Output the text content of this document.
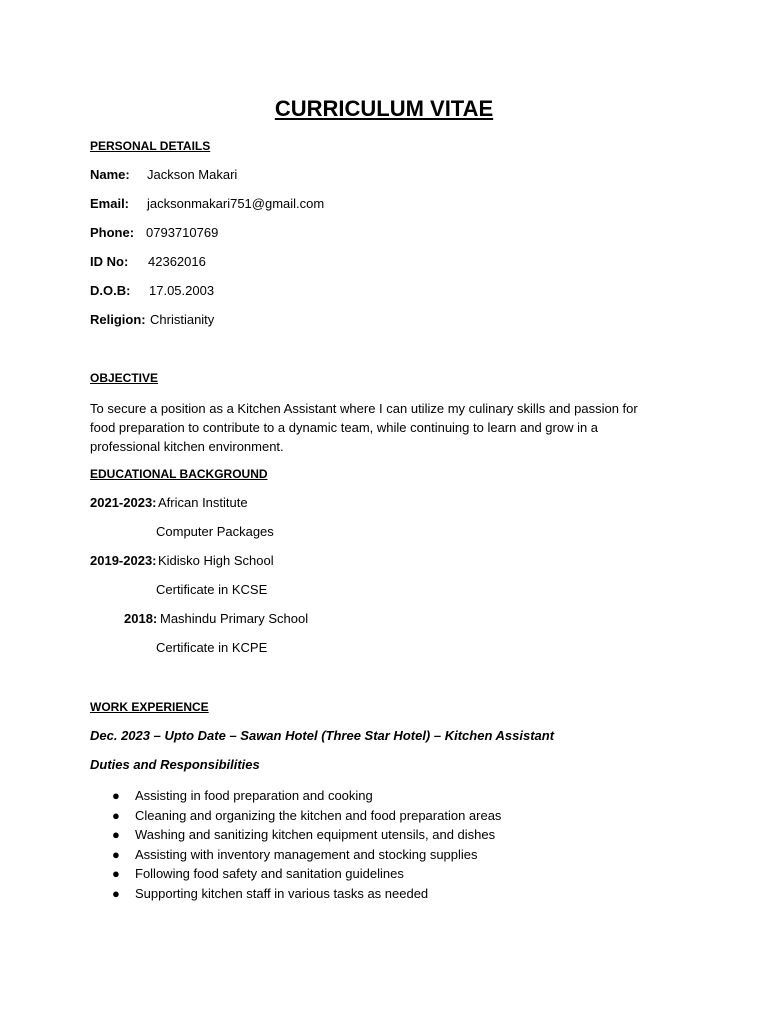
CURRICULUM VITAE
PERSONAL DETAILS
Name: Jackson Makari
Email: jacksonmakari751@gmail.com
Phone: 0793710769
ID No: 42362016
D.O.B: 17.05.2003
Religion: Christianity
OBJECTIVE
To secure a position as a Kitchen Assistant where I can utilize my culinary skills and passion for food preparation to contribute to a dynamic team, while continuing to learn and grow in a professional kitchen environment.
EDUCATIONAL BACKGROUND
2021-2023: African Institute
Computer Packages
2019-2023: Kidisko High School
Certificate in KCSE
2018: Mashindu Primary School
Certificate in KCPE
WORK EXPERIENCE
Dec. 2023 – Upto Date – Sawan Hotel (Three Star Hotel) – Kitchen Assistant
Duties and Responsibilities
● Assisting in food preparation and cooking
● Cleaning and organizing the kitchen and food preparation areas
● Washing and sanitizing kitchen equipment utensils, and dishes
● Assisting with inventory management and stocking supplies
● Following food safety and sanitation guidelines
● Supporting kitchen staff in various tasks as needed
